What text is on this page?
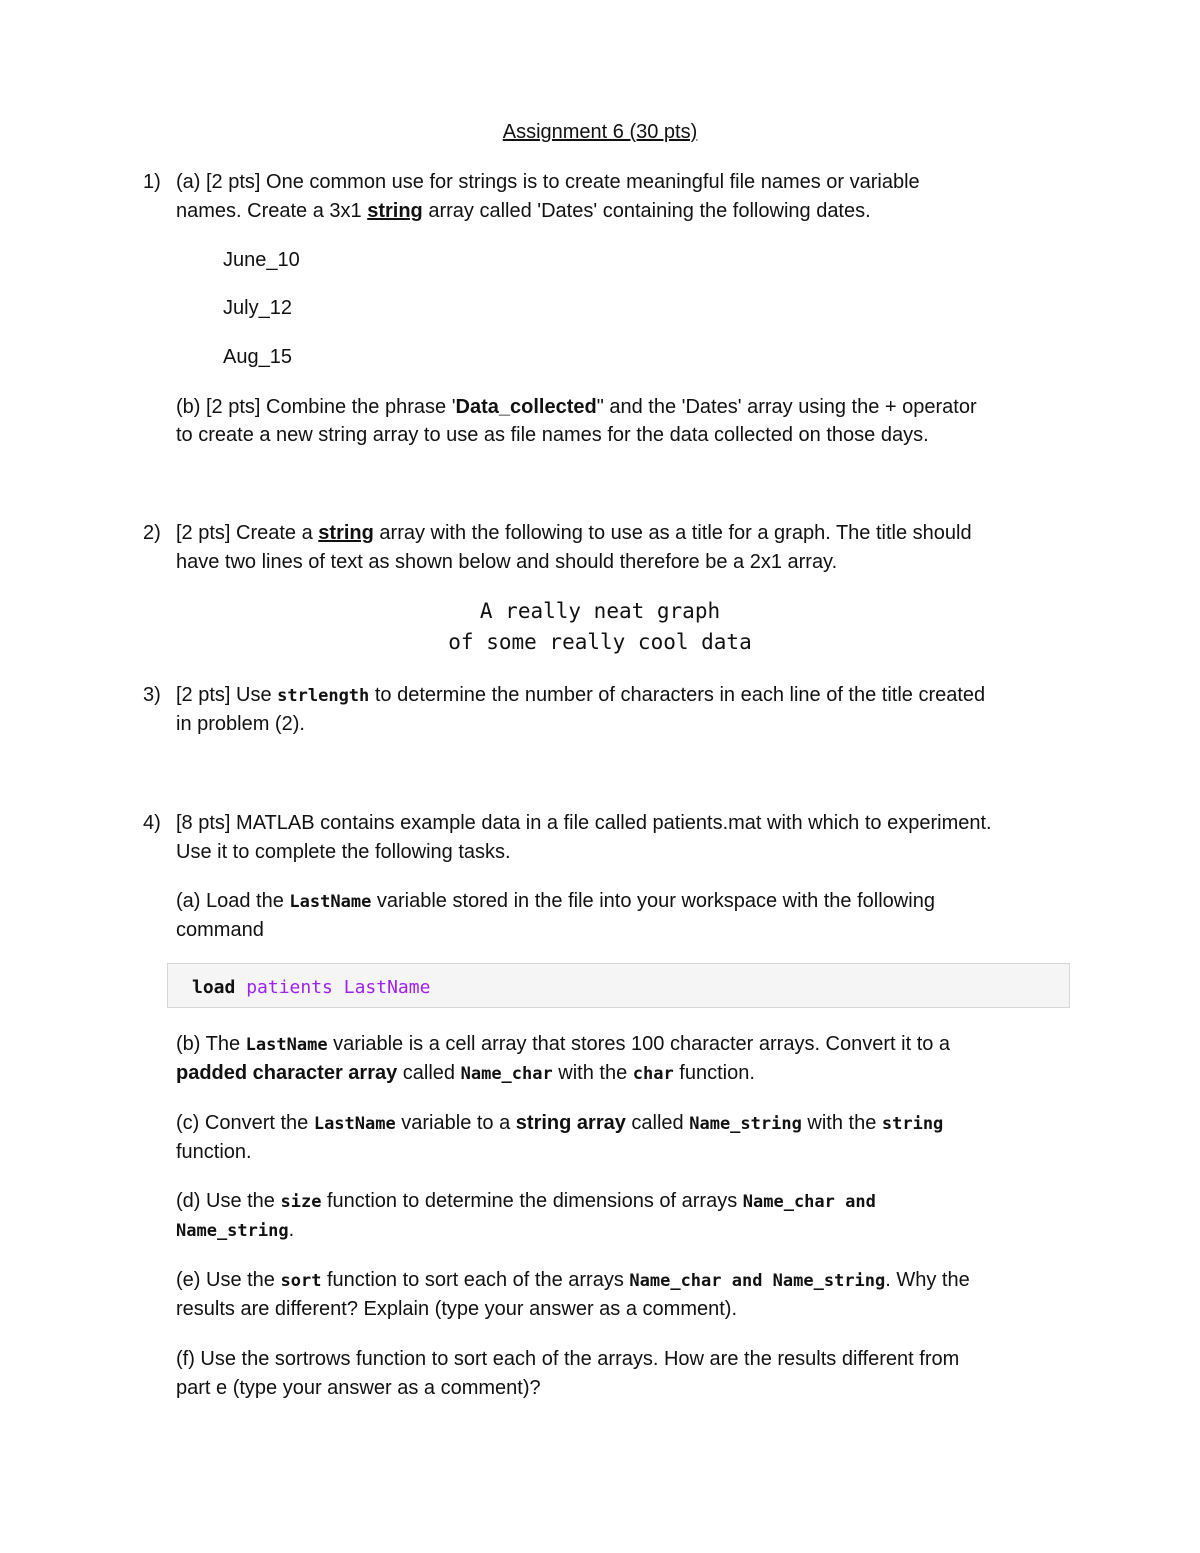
Assignment 6 (30 pts)
1) (a) [2 pts] One common use for strings is to create meaningful file names or variable
names. Create a 3x1 string array called 'Dates' containing the following dates.
June_10
July_12
Aug_15
(b) [2 pts] Combine the phrase 'Data_collected" and the 'Dates' array using the + operator
to create a new string array to use as file names for the data collected on those days.
2) [2 pts] Create a string array with the following to use as a title for a graph. The title should
have two lines of text as shown below and should therefore be a 2x1 array.
A really neat graph
of some really cool data
3) [2 pts] Use strlength to determine the number of characters in each line of the title created
in problem (2).
4) [8 pts] MATLAB contains example data in a file called patients.mat with which to experiment.
Use it to complete the following tasks.
(a) Load the LastName variable stored in the file into your workspace with the following
command
load patients LastName
(b) The LastName variable is a cell array that stores 100 character arrays. Convert it to a
padded character array called Name_char with the char function.
(c) Convert the LastName variable to a string array called Name_string with the string
function.
(d) Use the size function to determine the dimensions of arrays Name_char and
Name_string.
(e) Use the sort function to sort each of the arrays Name_char and Name_string. Why the
results are different? Explain (type your answer as a comment).
(f) Use the sortrows function to sort each of the arrays. How are the results different from
part e (type your answer as a comment)?
